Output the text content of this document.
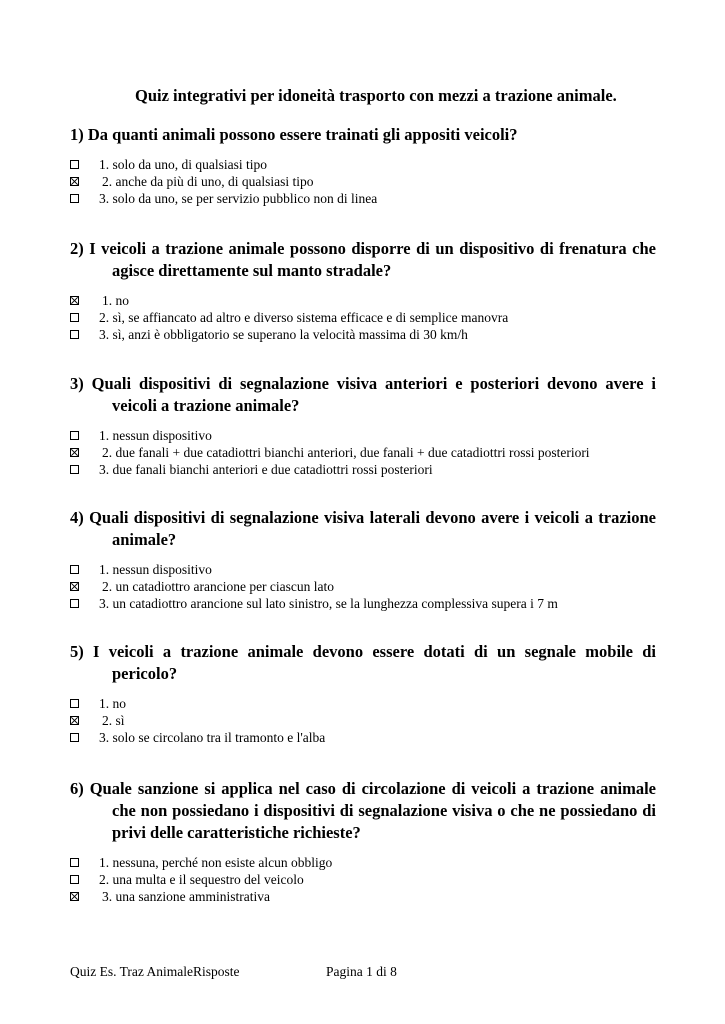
Quiz integrativi per idoneità trasporto con mezzi a trazione animale.
1) Da quanti animali possono essere trainati gli appositi veicoli?
1. solo da uno, di qualsiasi tipo
2. anche da più di uno, di qualsiasi tipo
3. solo da uno, se per servizio pubblico non di linea
2) I veicoli a trazione animale possono disporre di un dispositivo di frenatura che agisce direttamente sul manto stradale?
1. no
2. sì, se affiancato ad altro e diverso sistema efficace e di semplice manovra
3. sì, anzi è obbligatorio se superano la velocità massima di 30 km/h
3) Quali dispositivi di segnalazione visiva anteriori e posteriori devono avere i veicoli a trazione animale?
1. nessun dispositivo
2. due fanali + due catadiottri bianchi anteriori, due fanali + due catadiottri rossi posteriori
3. due fanali bianchi anteriori e due catadiottri rossi posteriori
4) Quali dispositivi di segnalazione visiva laterali devono avere i veicoli a trazione animale?
1. nessun dispositivo
2. un catadiottro arancione per ciascun lato
3. un catadiottro arancione sul lato sinistro, se la lunghezza complessiva supera i 7 m
5) I veicoli a trazione animale devono essere dotati di un segnale mobile di pericolo?
1. no
2. sì
3. solo se circolano tra il tramonto e l'alba
6) Quale sanzione si applica nel caso di circolazione di veicoli a trazione animale che non possiedano i dispositivi di segnalazione visiva o che ne possiedano di privi delle caratteristiche richieste?
1. nessuna, perché non esiste alcun obbligo
2. una multa e il sequestro del veicolo
3. una sanzione amministrativa
Quiz Es. Traz AnimaleRisposte	Pagina 1 di 8
